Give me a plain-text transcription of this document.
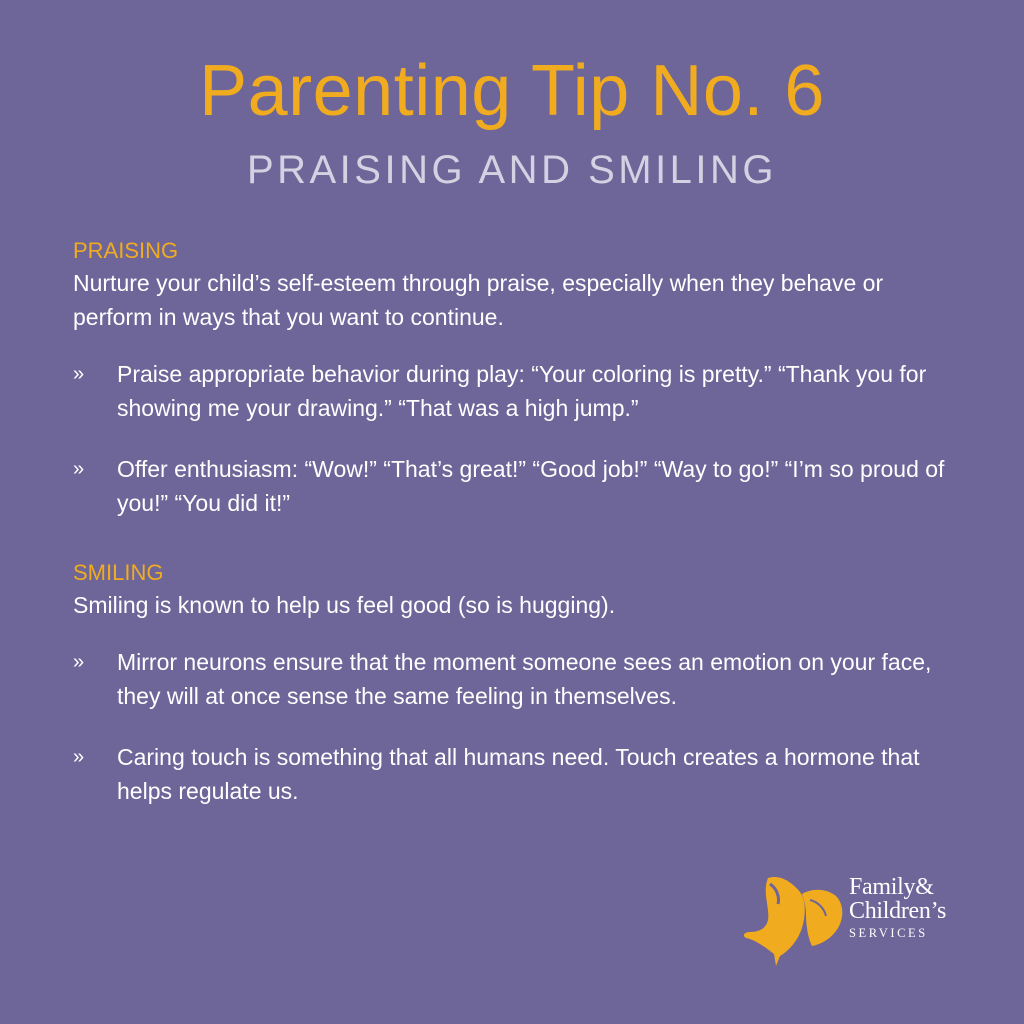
Parenting Tip No. 6
PRAISING AND SMILING
PRAISING

Nurture your child’s self-esteem through praise, especially when they behave or perform in ways that you want to continue.

» Praise appropriate behavior during play: “Your coloring is pretty.” “Thank you for showing me your drawing.” “That was a high jump.”
» Offer enthusiasm: “Wow!” “That’s great!” “Good job!” “Way to go!” “I’m so proud of you!” “You did it!”
SMILING

Smiling is known to help us feel good (so is hugging).

» Mirror neurons ensure that the moment someone sees an emotion on your face, they will at once sense the same feeling in themselves.
» Caring touch is something that all humans need. Touch creates a hormone that helps regulate us.
Family&
Children’s
SERVICES
